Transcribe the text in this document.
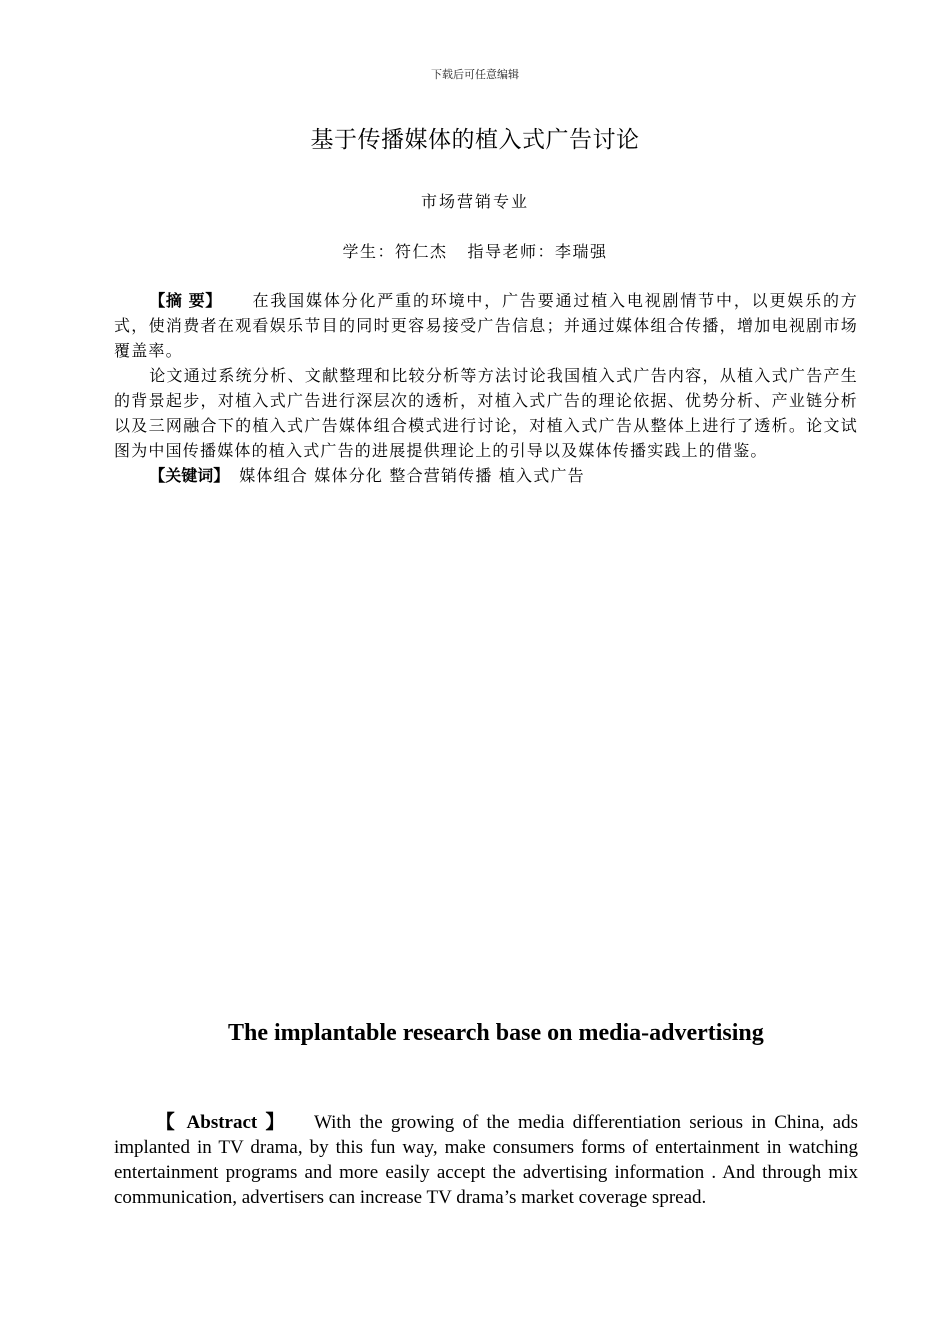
下载后可任意编辑
基于传播媒体的植入式广告讨论
市场营销专业
学生：符仁杰 指导老师：李瑞强

【摘 要】 在我国媒体分化严重的环境中，广告要通过植入电视剧情节中，以更娱乐的方式，使消费者在观看娱乐节目的同时更容易接受广告信息；并通过媒体组合传播，增加电视剧市场覆盖率。

论文通过系统分析、文献整理和比较分析等方法讨论我国植入式广告内容，从植入式广告产生的背景起步，对植入式广告进行深层次的透析，对植入式广告的理论依据、优势分析、产业链分析以及三网融合下的植入式广告媒体组合模式进行讨论，对植入式广告从整体上进行了透析。论文试图为中国传播媒体的植入式广告的进展提供理论上的引导以及媒体传播实践上的借鉴。

【关键词】 媒体组合 媒体分化 整合营销传播 植入式广告

The implantable research base on media-advertising

【 Abstract 】 With the growing of the media differentiation serious in China, ads implanted in TV drama, by this fun way, make consumers forms of entertainment in watching entertainment programs and more easily accept the advertising information . And through mix communication, advertisers can increase TV drama’s market coverage spread.
